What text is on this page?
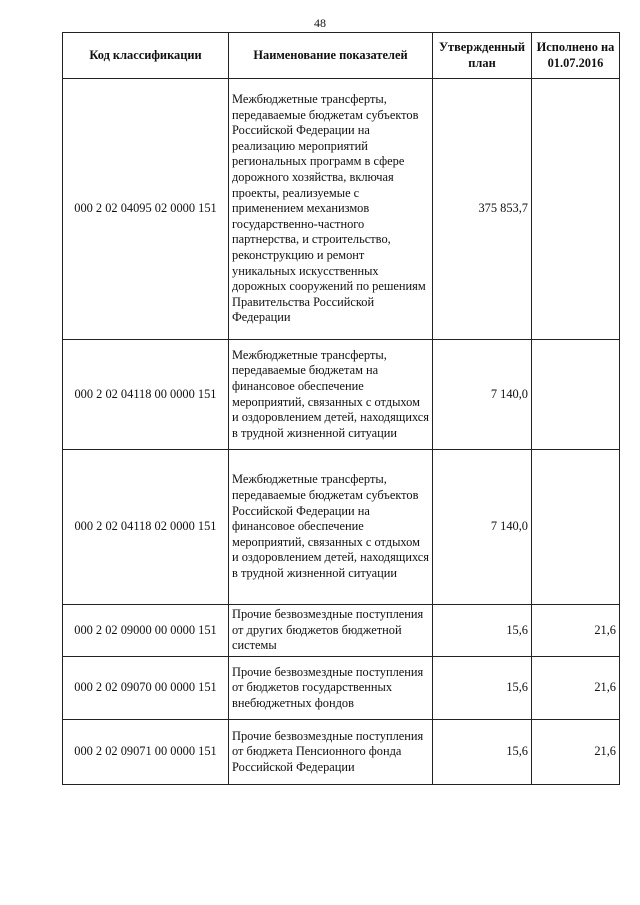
48
Код классификации	Наименование показателей	Утвержденный план	Исполнено на 01.07.2016
000 2 02 04095 02 0000 151	Межбюджетные трансферты, передаваемые бюджетам субъектов Российской Федерации на реализацию мероприятий региональных программ в сфере дорожного хозяйства, включая проекты, реализуемые с применением механизмов государственно-частного партнерства, и строительство, реконструкцию и ремонт уникальных искусственных дорожных сооружений по решениям Правительства Российской Федерации	375 853,7	
000 2 02 04118 00 0000 151	Межбюджетные трансферты, передаваемые бюджетам на финансовое обеспечение мероприятий, связанных с отдыхом и оздоровлением детей, находящихся в трудной жизненной ситуации	7 140,0	
000 2 02 04118 02 0000 151	Межбюджетные трансферты, передаваемые бюджетам субъектов Российской Федерации на финансовое обеспечение мероприятий, связанных с отдыхом и оздоровлением детей, находящихся в трудной жизненной ситуации	7 140,0	
000 2 02 09000 00 0000 151	Прочие безвозмездные поступления от других бюджетов бюджетной системы	15,6	21,6
000 2 02 09070 00 0000 151	Прочие безвозмездные поступления от бюджетов государственных внебюджетных фондов	15,6	21,6
000 2 02 09071 00 0000 151	Прочие безвозмездные поступления от бюджета Пенсионного фонда Российской Федерации	15,6	21,6
